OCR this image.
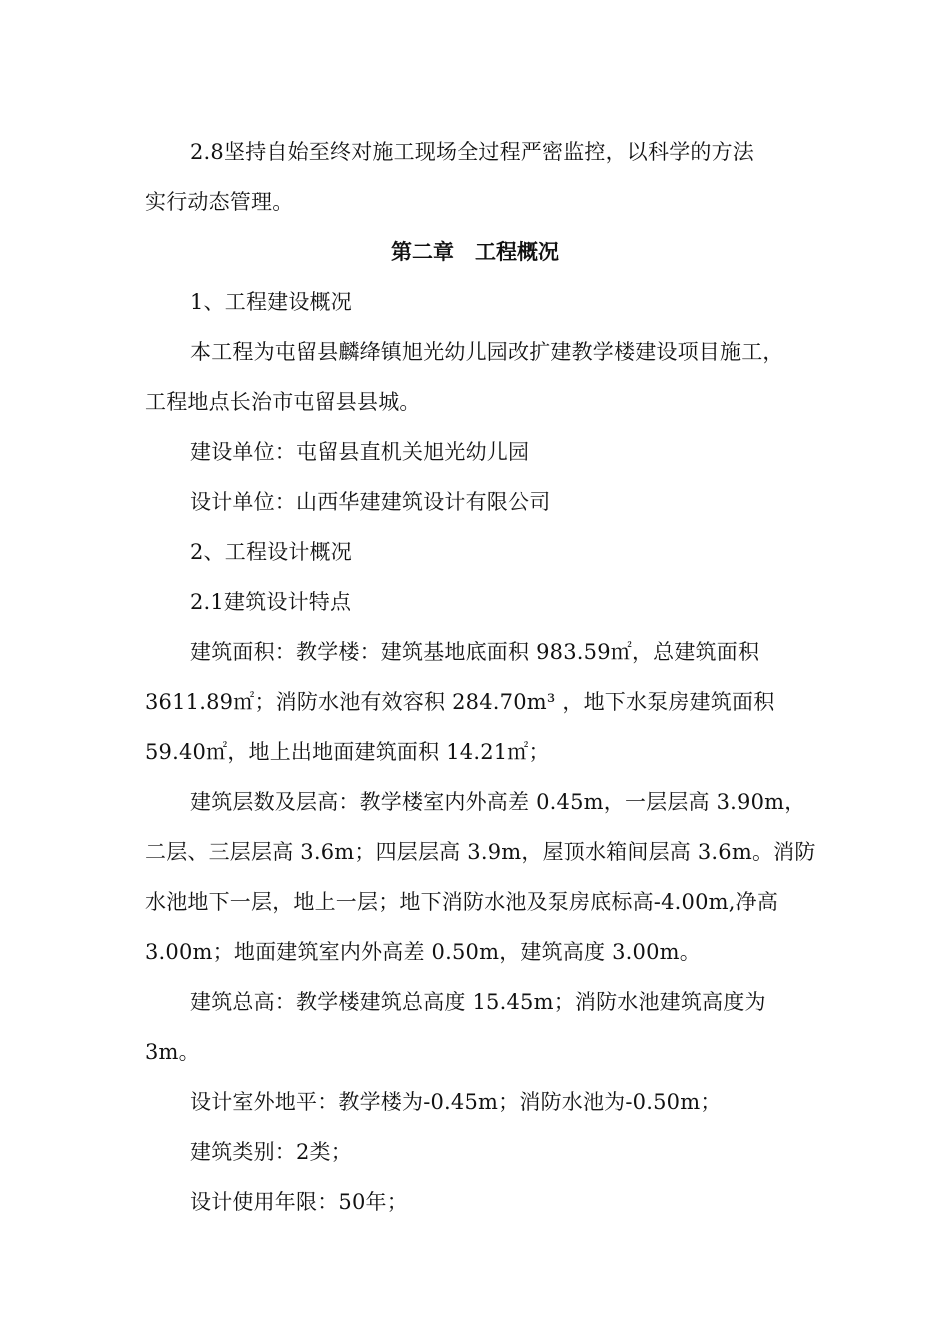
2.8坚持自始至终对施工现场全过程严密监控，以科学的方法
实行动态管理。
第二章　工程概况
1、工程建设概况
本工程为屯留县麟绛镇旭光幼儿园改扩建教学楼建设项目施工，
工程地点长治市屯留县县城。
建设单位：屯留县直机关旭光幼儿园
设计单位：山西华建建筑设计有限公司
2、工程设计概况
2.1建筑设计特点
建筑面积：教学楼：建筑基地底面积 983.59㎡，总建筑面积
3611.89㎡；消防水池有效容积 284.70m³ ，地下水泵房建筑面积
59.40㎡，地上出地面建筑面积 14.21㎡；
建筑层数及层高：教学楼室内外高差 0.45m，一层层高 3.90m，
二层、三层层高 3.6m；四层层高 3.9m，屋顶水箱间层高 3.6m。消防
水池地下一层，地上一层；地下消防水池及泵房底标高-4.00m,净高
3.00m；地面建筑室内外高差 0.50m，建筑高度 3.00m。
建筑总高：教学楼建筑总高度 15.45m；消防水池建筑高度为
3m。
设计室外地平：教学楼为-0.45m；消防水池为-0.50m；
建筑类别：2类；
设计使用年限：50年；
